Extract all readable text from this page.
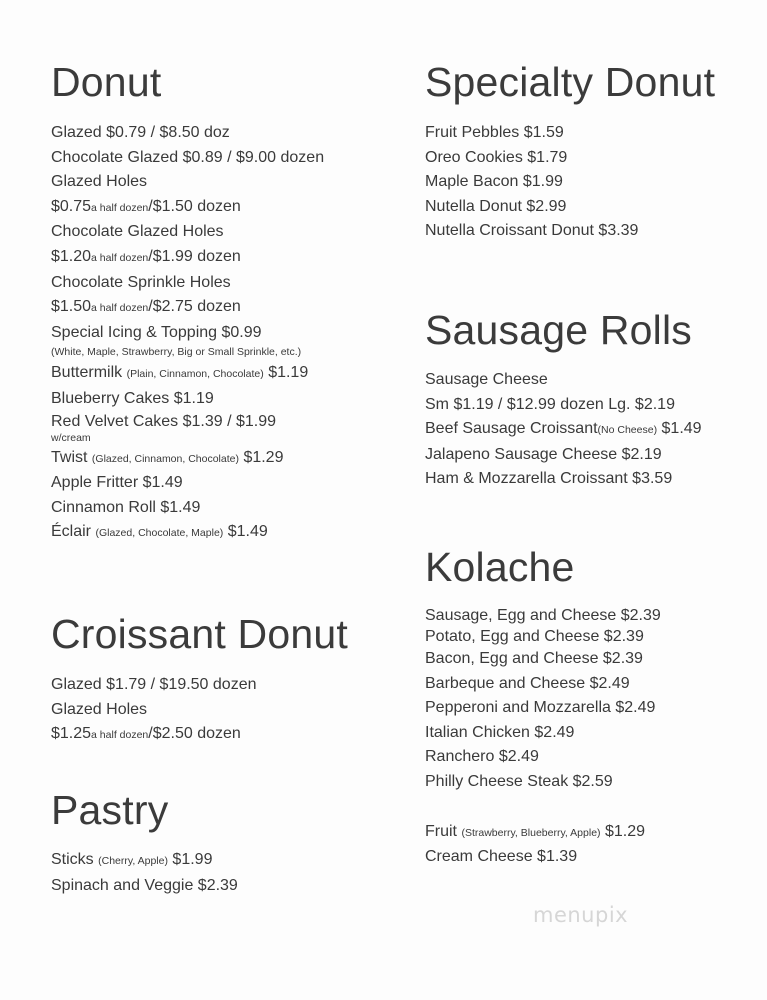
Donut
Glazed $0.79 / $8.50 doz
Chocolate Glazed $0.89 / $9.00 dozen
Glazed Holes
$0.75a half dozen/$1.50 dozen
Chocolate Glazed Holes
$1.20a half dozen/$1.99 dozen
Chocolate Sprinkle Holes
$1.50a half dozen/$2.75 dozen
Special Icing & Topping $0.99
(White, Maple, Strawberry, Big or Small Sprinkle, etc.)
Buttermilk (Plain, Cinnamon, Chocolate) $1.19
Blueberry Cakes $1.19
Red Velvet Cakes $1.39 / $1.99
w/cream
Twist (Glazed, Cinnamon, Chocolate) $1.29
Apple Fritter $1.49
Cinnamon Roll $1.49
Éclair (Glazed, Chocolate, Maple) $1.49
Croissant Donut
Glazed $1.79 / $19.50 dozen
Glazed Holes
$1.25a half dozen/$2.50 dozen
Pastry
Sticks (Cherry, Apple) $1.99
Spinach and Veggie $2.39
Specialty Donut
Fruit Pebbles $1.59
Oreo Cookies $1.79
Maple Bacon $1.99
Nutella Donut $2.99
Nutella Croissant Donut $3.39
Sausage Rolls
Sausage Cheese
Sm $1.19 / $12.99 dozen Lg. $2.19
Beef Sausage Croissant(No Cheese) $1.49
Jalapeno Sausage Cheese $2.19
Ham & Mozzarella Croissant $3.59
Kolache
Sausage, Egg and Cheese $2.39
Potato, Egg and Cheese $2.39
Bacon, Egg and Cheese $2.39
Barbeque and Cheese $2.49
Pepperoni and Mozzarella $2.49
Italian Chicken $2.49
Ranchero $2.49
Philly Cheese Steak $2.59
Fruit (Strawberry, Blueberry, Apple) $1.29
Cream Cheese $1.39
menupix
